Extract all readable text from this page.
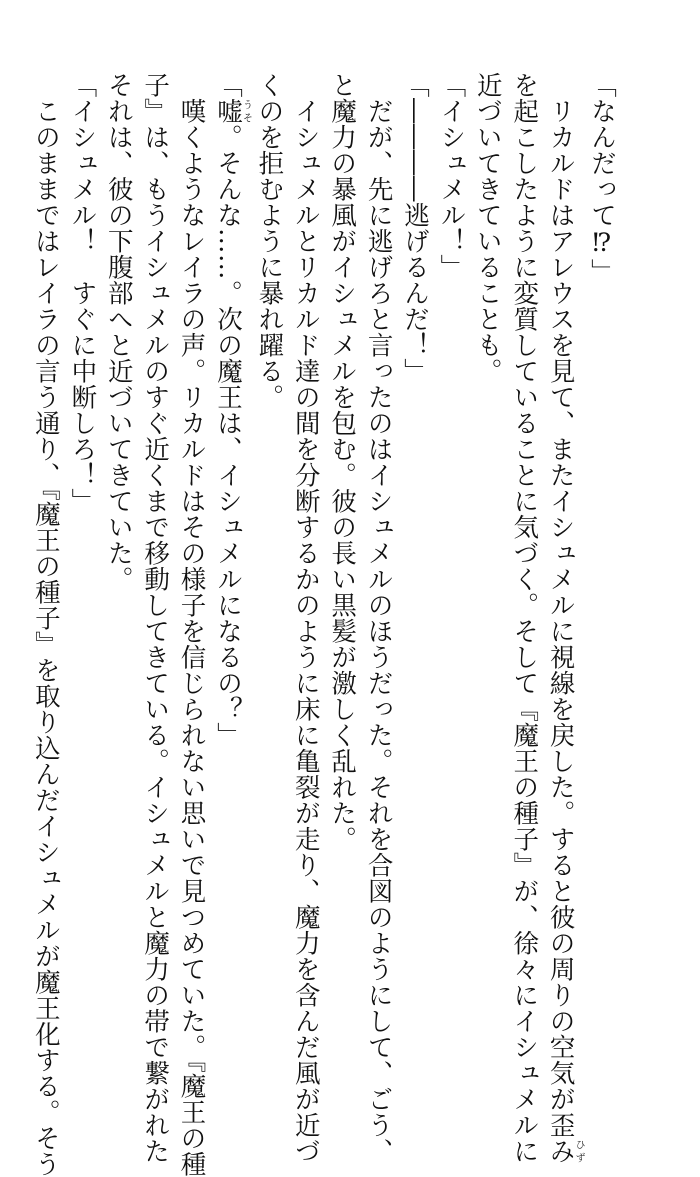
「なんだって⁉」
　リカルドはアレウスを見て、またイシュメルに視線を戻した。すると彼の周りの空気が歪みひず
を起こしたように変質していることに気づく。そして『魔王の種子』が、徐々にイシュメルに
近づいてきていることも。
「イシュメル！」
「――――逃げるんだ！」
　だが、先に逃げろと言ったのはイシュメルのほうだった。それを合図のようにして、ごう、
と魔力の暴風がイシュメルを包む。彼の長い黒髪が激しく乱れた。
　イシュメルとリカルド達の間を分断するかのように床に亀裂が走り、魔力を含んだ風が近づ
くのを拒むように暴れ躍る。
「嘘うそ。そんな……。次の魔王は、イシュメルになるの？」
　嘆くようなレイラの声。リカルドはその様子を信じられない思いで見つめていた。『魔王の種
子』は、もうイシュメルのすぐ近くまで移動してきている。イシュメルと魔力の帯で繋がれた
それは、彼の下腹部へと近づいてきていた。
「イシュメル！　すぐに中断しろ！」
　このままではレイラの言う通り、『魔王の種子』を取り込んだイシュメルが魔王化する。そう
